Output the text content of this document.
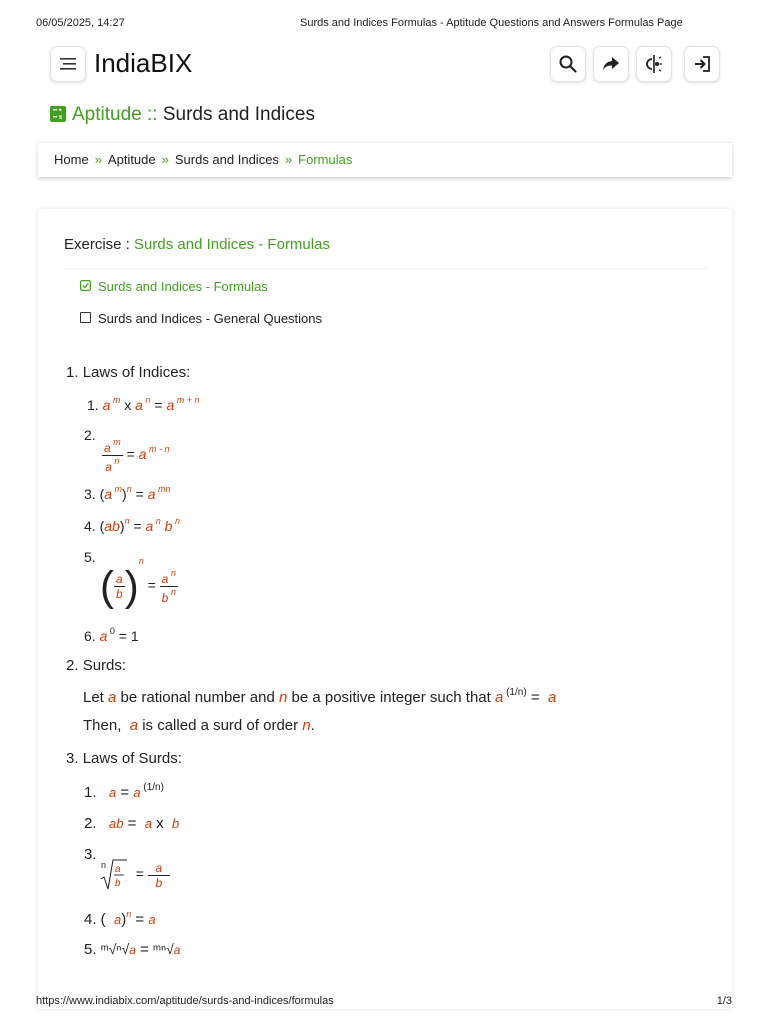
06/05/2025, 14:27	Surds and Indices Formulas - Aptitude Questions and Answers Formulas Page
IndiaBIX
Aptitude :: Surds and Indices
Home » Aptitude » Surds and Indices » Formulas
Exercise : Surds and Indices - Formulas
Surds and Indices - Formulas
Surds and Indices - General Questions
1. Laws of Indices:
1. a $^m$ x a $^n$ = a $^{m + n}$
2.
$\frac{a ^m}{a ^n} = a$ $^{m - n}$
3. (a $^m$)$^n$ = a $^{mn}$
4. (ab)$^n$ = a $^n$ b $^n$
5.
( $\frac{a}{b} )^n = \frac{a ^n}{b ^n}$
6. a $^0$ = 1
2. Surds:
Let a be rational number and n be a positive integer such that a $^{(1/n)}$ =  a
Then, a is called a surd of order n.
3. Laws of Surds:
1.   a = a $^{(1/n)}$
2.   ab =  a x  b
3.
n a
b
= $\frac{a}{b}$
4. (  a)$^n$ = a
5. ᵐ√ⁿ√a = ᵐⁿ√a
https://www.indiabix.com/aptitude/surds-and-indices/formulas	1/3
